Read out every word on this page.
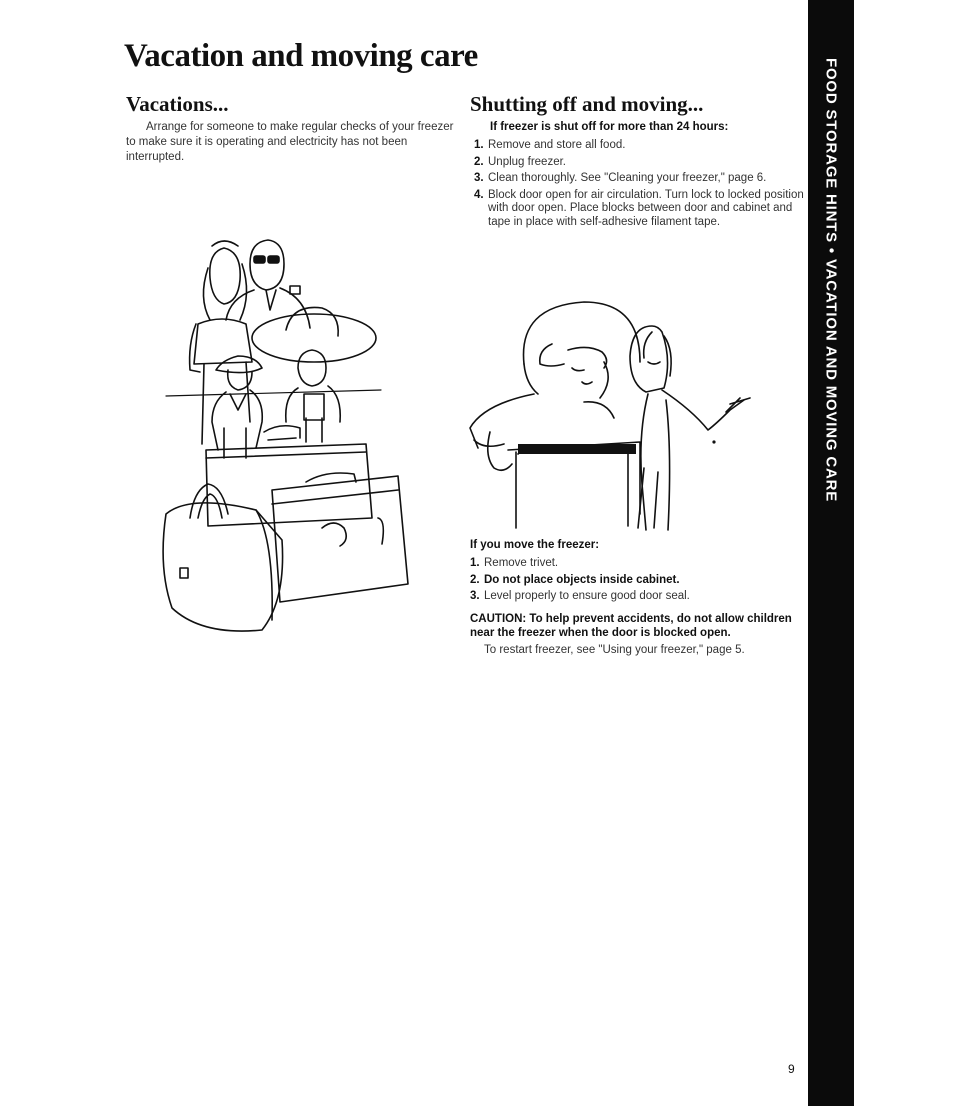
Vacation and moving care
Vacations...

Arrange for someone to make regular checks of your freezer to make sure it is operating and electricity has not been interrupted.

Shutting off and moving...

If freezer is shut off for more than 24 hours:

1. Remove and store all food.
2. Unplug freezer.
3. Clean thoroughly. See "Cleaning your freezer," page 6.
4. Block door open for air circulation. Turn lock to locked position with door open. Place blocks between door and cabinet and tape in place with self-adhesive filament tape.

If you move the freezer:

1. Remove trivet.
2. Do not place objects inside cabinet.
3. Level properly to ensure good door seal.

CAUTION: To help prevent accidents, do not allow children near the freezer when the door is blocked open.

To restart freezer, see "Using your freezer," page 5.

FOOD STORAGE HINTS • VACATION AND MOVING CARE
9
